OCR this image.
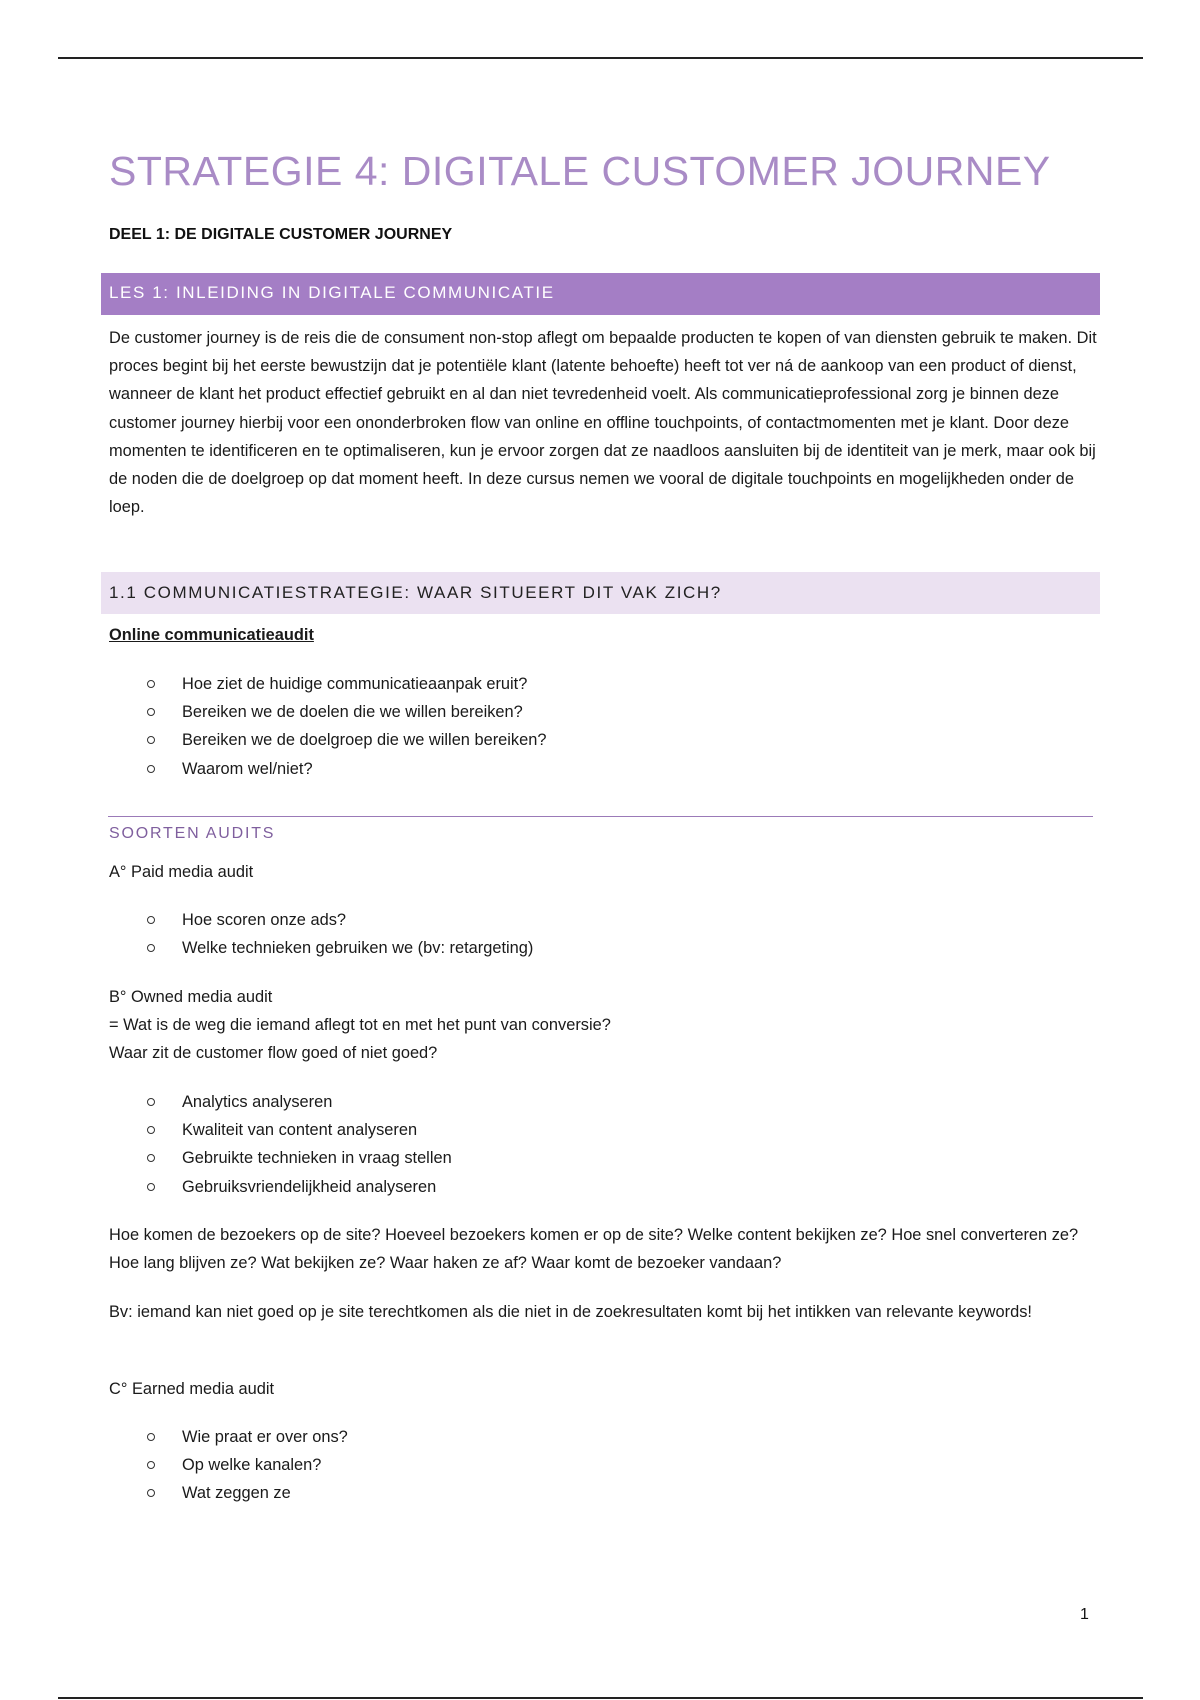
STRATEGIE 4: DIGITALE CUSTOMER JOURNEY
DEEL 1: DE DIGITALE CUSTOMER JOURNEY
LES 1: INLEIDING IN DIGITALE COMMUNICATIE
De customer journey is de reis die de consument non-stop aflegt om bepaalde producten te kopen of van diensten gebruik te maken. Dit proces begint bij het eerste bewustzijn dat je potentiële klant (latente behoefte) heeft tot ver ná de aankoop van een product of dienst, wanneer de klant het product effectief gebruikt en al dan niet tevredenheid voelt. Als communicatieprofessional zorg je binnen deze customer journey hierbij voor een ononderbroken flow van online en offline touchpoints, of contactmomenten met je klant. Door deze momenten te identificeren en te optimaliseren, kun je ervoor zorgen dat ze naadloos aansluiten bij de identiteit van je merk, maar ook bij de noden die de doelgroep op dat moment heeft. In deze cursus nemen we vooral de digitale touchpoints en mogelijkheden onder de loep.
1.1 COMMUNICATIESTRATEGIE: WAAR SITUEERT DIT VAK ZICH?
Online communicatieaudit
Hoe ziet de huidige communicatieaanpak eruit?
Bereiken we de doelen die we willen bereiken?
Bereiken we de doelgroep die we willen bereiken?
Waarom wel/niet?
SOORTEN AUDITS
A° Paid media audit
Hoe scoren onze ads?
Welke technieken gebruiken we (bv: retargeting)
B° Owned media audit
= Wat is de weg die iemand aflegt tot en met het punt van conversie?
Waar zit de customer flow goed of niet goed?
Analytics analyseren
Kwaliteit van content analyseren
Gebruikte technieken in vraag stellen
Gebruiksvriendelijkheid analyseren
Hoe komen de bezoekers op de site? Hoeveel bezoekers komen er op de site? Welke content bekijken ze? Hoe snel converteren ze? Hoe lang blijven ze? Wat bekijken ze? Waar haken ze af? Waar komt de bezoeker vandaan?
Bv: iemand kan niet goed op je site terechtkomen als die niet in de zoekresultaten komt bij het intikken van relevante keywords!
C° Earned media audit
Wie praat er over ons?
Op welke kanalen?
Wat zeggen ze
1
